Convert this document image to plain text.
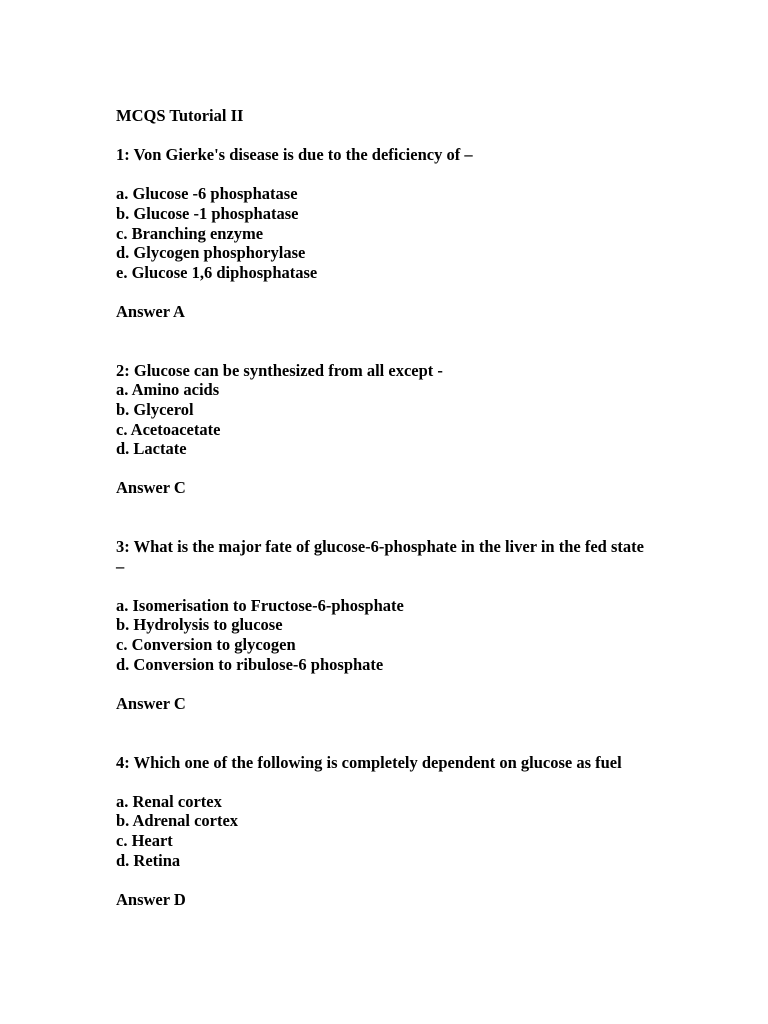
MCQS Tutorial II

1: Von Gierke's disease is due to the deficiency of –

a. Glucose -6 phosphatase
b. Glucose -1 phosphatase
c. Branching enzyme
d. Glycogen phosphorylase
e. Glucose 1,6 diphosphatase

Answer A

2: Glucose can be synthesized from all except -

a. Amino acids
b. Glycerol
c. Acetoacetate
d. Lactate

Answer C

3: What is the major fate of glucose-6-phosphate in the liver in the fed state –

a. Isomerisation to Fructose-6-phosphate
b. Hydrolysis to glucose
c. Conversion to glycogen
d. Conversion to ribulose-6 phosphate

Answer C

4: Which one of the following is completely dependent on glucose as fuel

a. Renal cortex
b. Adrenal cortex
c. Heart
d. Retina

Answer D
